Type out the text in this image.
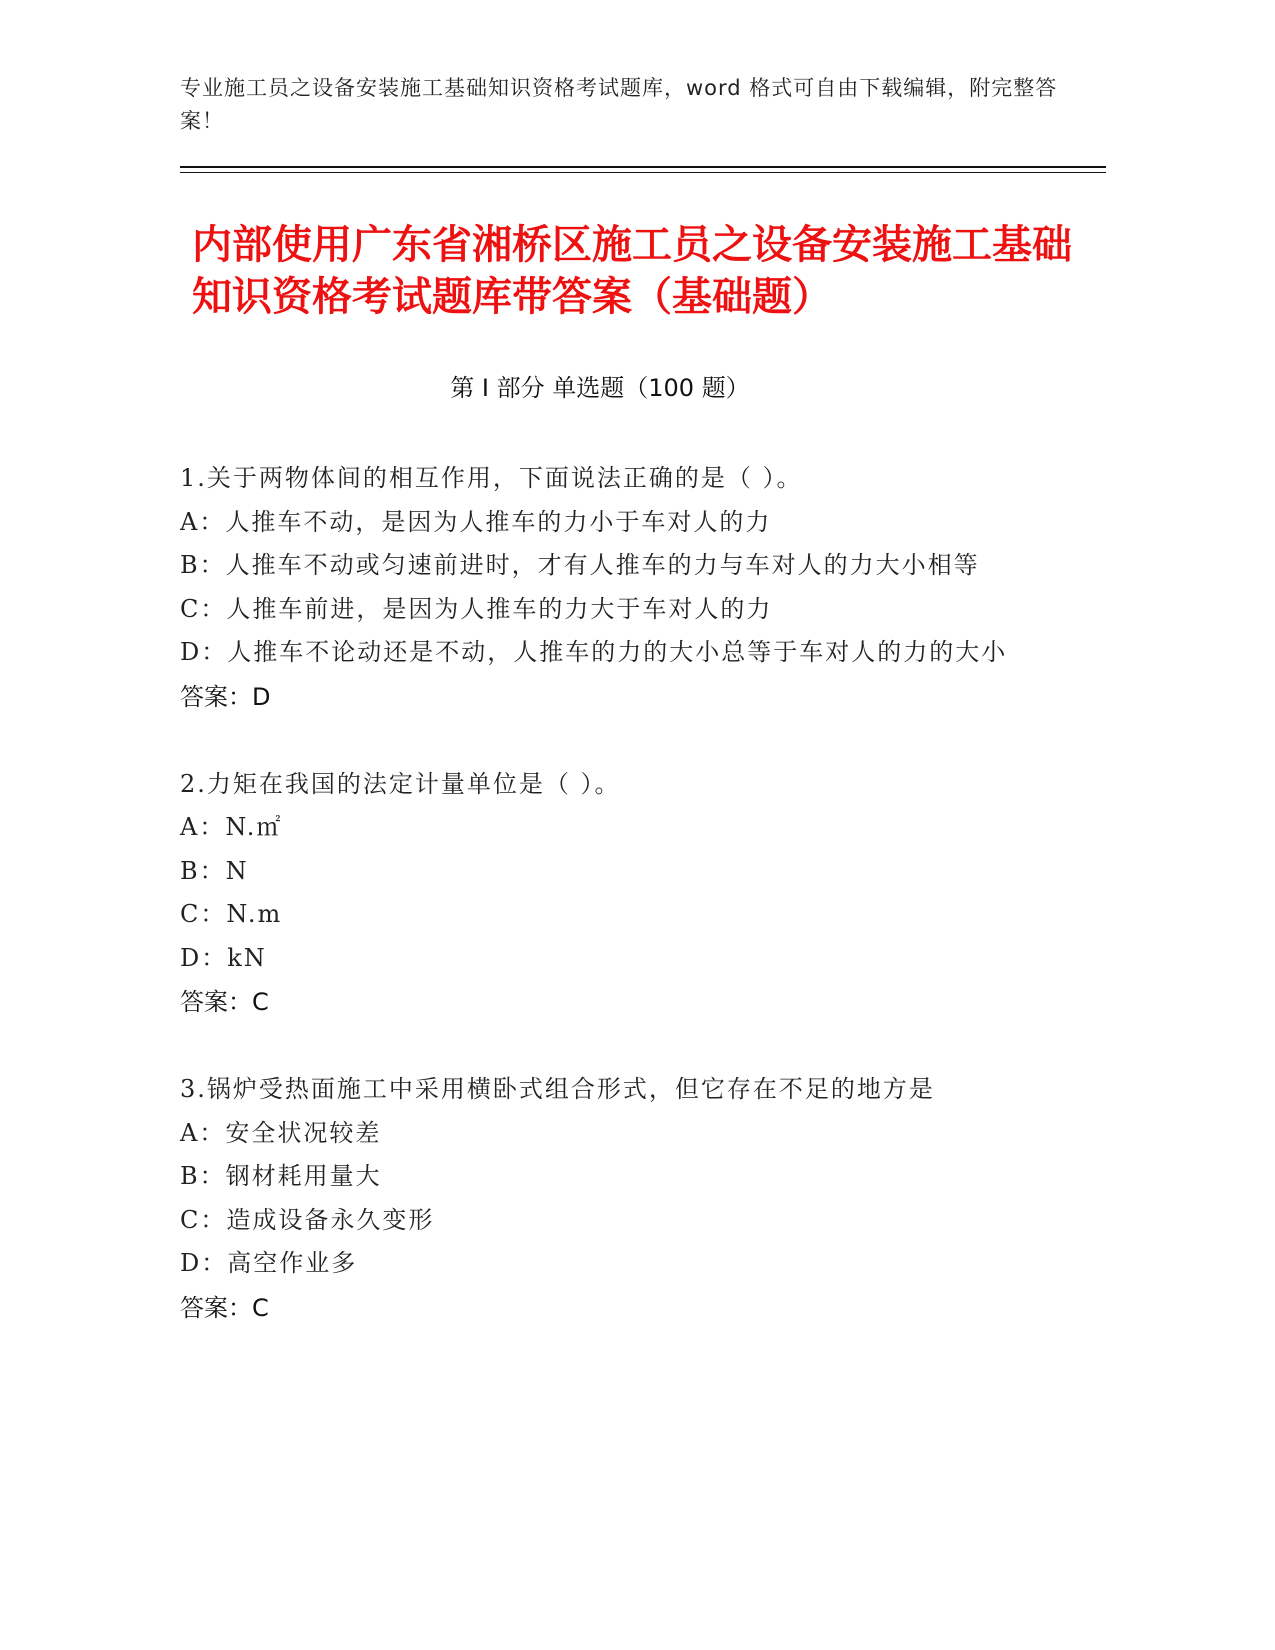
专业施工员之设备安装施工基础知识资格考试题库，word 格式可自由下载编辑，附完整答案！
内部使用广东省湘桥区施工员之设备安装施工基础知识资格考试题库带答案（基础题）
第 I 部分 单选题（100 题）
1.关于两物体间的相互作用，下面说法正确的是（ ）。
A：人推车不动，是因为人推车的力小于车对人的力
B：人推车不动或匀速前进时，才有人推车的力与车对人的力大小相等
C：人推车前进，是因为人推车的力大于车对人的力
D：人推车不论动还是不动，人推车的力的大小总等于车对人的力的大小
答案：D
2.力矩在我国的法定计量单位是（ ）。
A：N.㎡
B：N
C：N.m
D：kN
答案：C
3.锅炉受热面施工中采用横卧式组合形式，但它存在不足的地方是
A：安全状况较差
B：钢材耗用量大
C：造成设备永久变形
D：高空作业多
答案：C
